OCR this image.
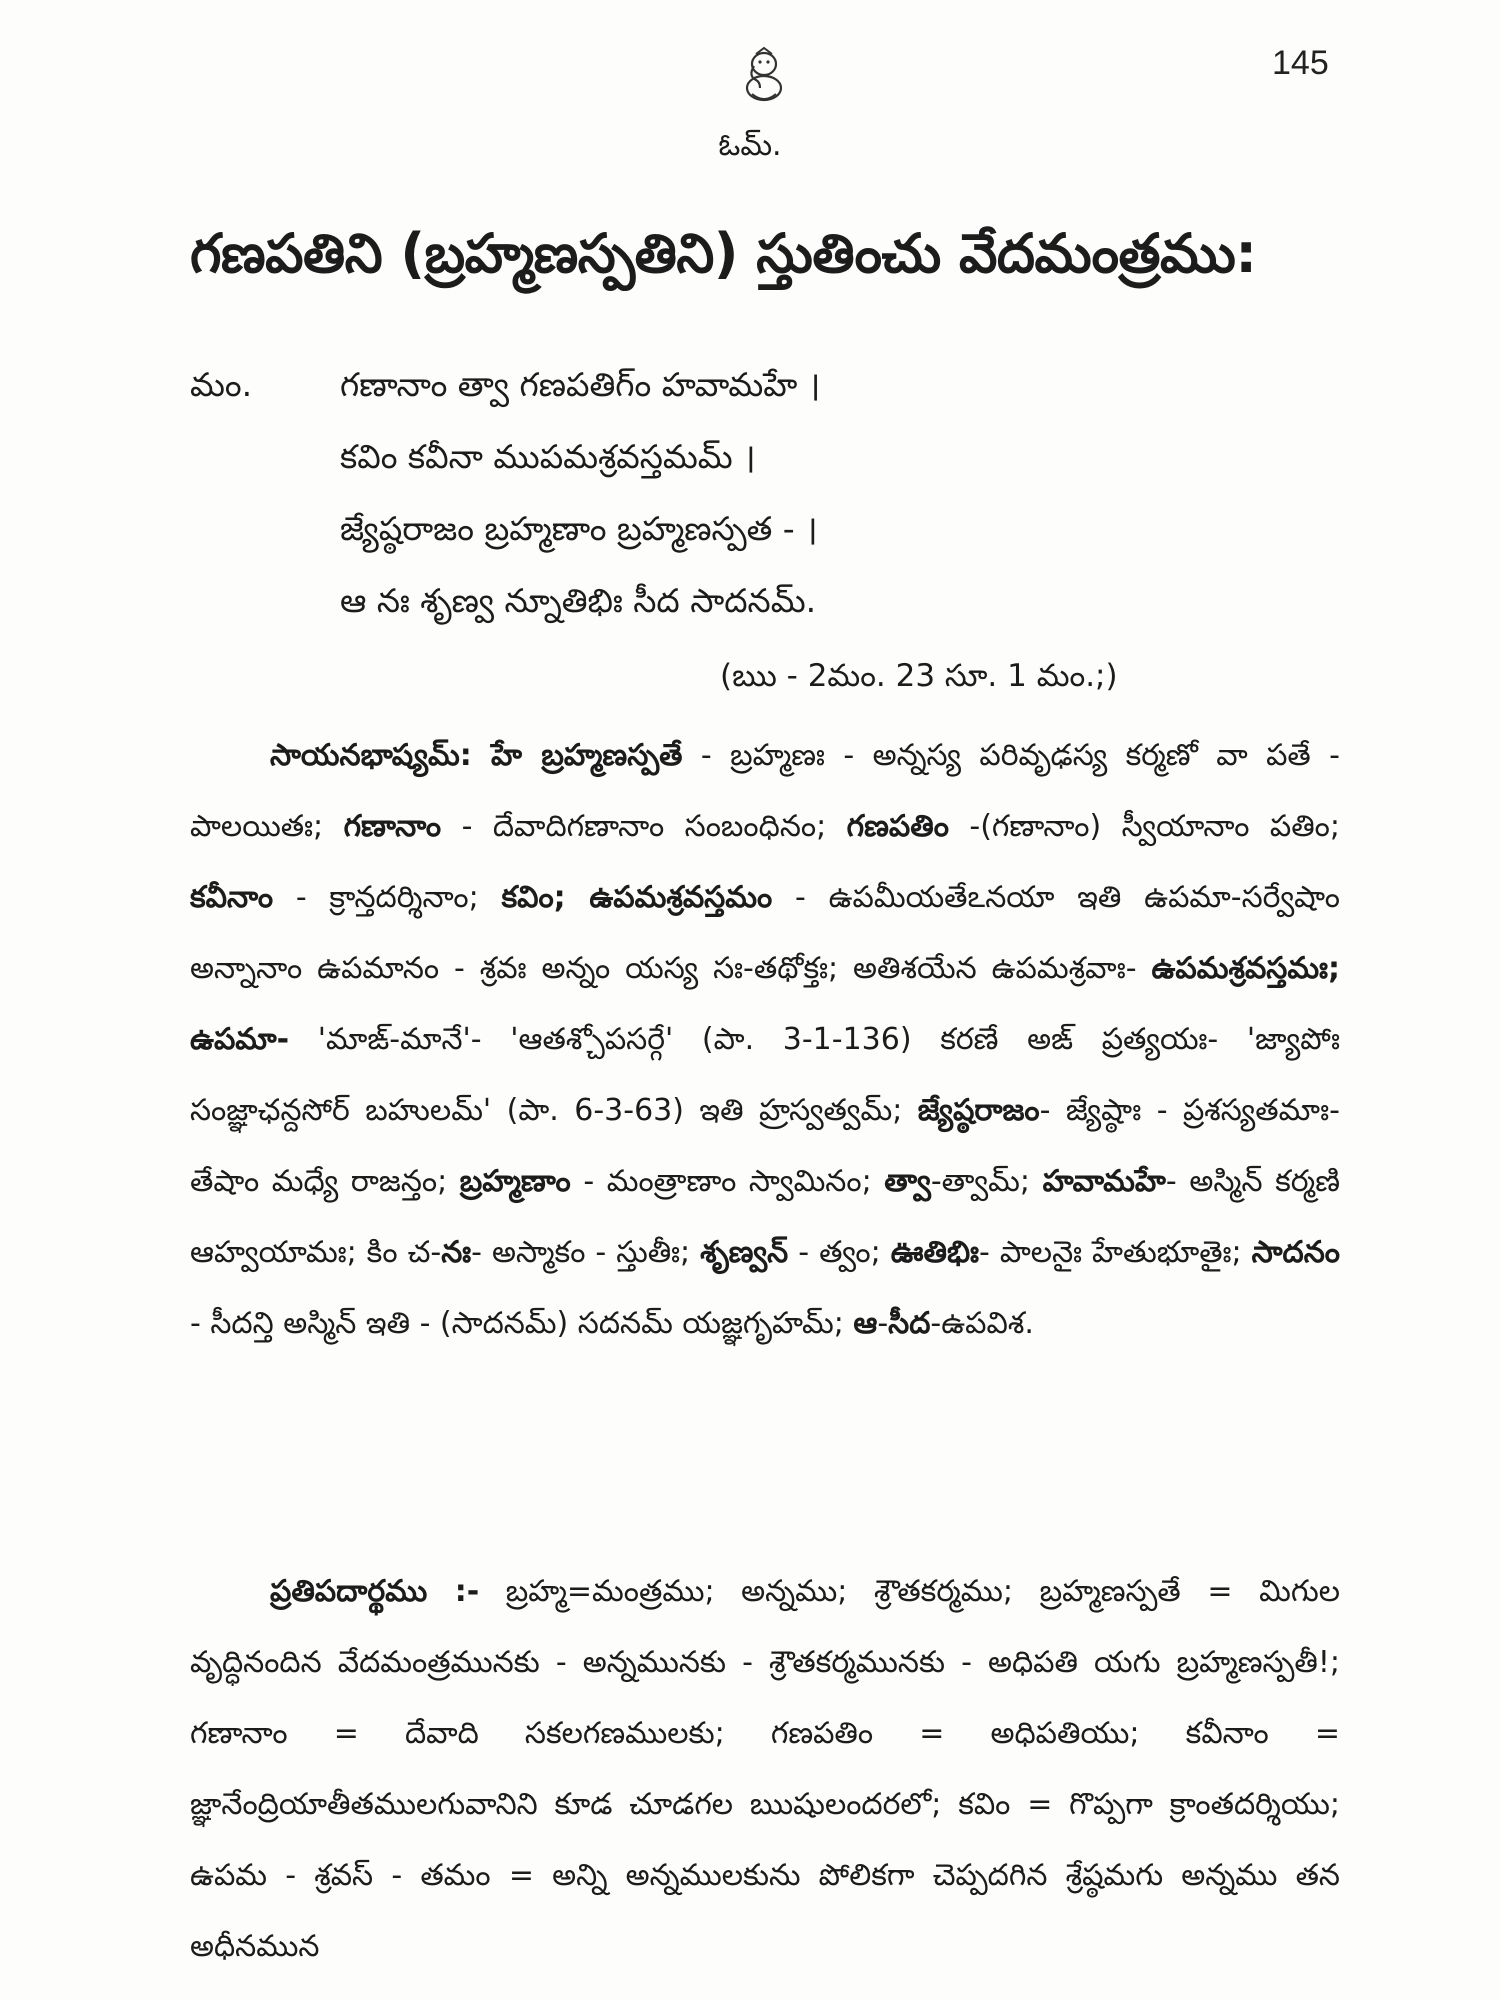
145
ఓమ్.
గణపతిని (బ్రహ్మణస్పతిని) స్తుతించు వేదమంత్రము:
మం.	గణానాం త్వా గణపతిగ్ం హవామహే ।
కవిం కవీనా ముపమశ్రవస్తమమ్ ।
జ్యేష్ఠరాజం బ్రహ్మణాం బ్రహ్మణస్పత - ।
ఆ నః శృణ్వ న్నూతిభిః సీద సాదనమ్.
(ఋ - 2మం. 23 సూ. 1 మం.;)
సాయనభాష్యమ్: హే బ్రహ్మణస్పతే - బ్రహ్మణః - అన్నస్య పరివృఢస్య కర్మణో వా పతే - పాలయితః; గణానాం - దేవాదిగణానాం సంబంధినం; గణపతిం -(గణానాం) స్వీయానాం పతిం; కవీనాం - క్రాన్తదర్శినాం; కవిం; ఉపమశ్రవస్తమం - ఉపమీయతేఽనయా ఇతి ఉపమా-సర్వేషాం అన్నానాం ఉపమానం - శ్రవః అన్నం యస్య సః-తథోక్తః; అతిశయేన ఉపమశ్రవాః- ఉపమశ్రవస్తమః; ఉపమా- 'మాఙ్-మానే'- 'ఆతశ్చోపసర్గే' (పా. 3-1-136) కరణే అఙ్ ప్రత్యయః- 'జ్యాపోః సంజ్ఞాఛన్దసోర్ బహులమ్' (పా. 6-3-63) ఇతి హ్రస్వత్వమ్; జ్యేష్ఠరాజం- జ్యేష్ఠాః - ప్రశస్యతమాః- తేషాం మధ్యే రాజన్తం; బ్రహ్మణాం - మంత్రాణాం స్వామినం; త్వా-త్వామ్; హవామహే- అస్మిన్ కర్మణి ఆహ్వయామః; కిం చ-నః- అస్మాకం - స్తుతీః; శృణ్వన్ - త్వం; ఊతిభిః- పాలనైః హేతుభూతైః; సాదనం - సీదన్తి అస్మిన్ ఇతి - (సాదనమ్) సదనమ్ యజ్ఞగృహమ్; ఆ-సీద-ఉపవిశ.
ప్రతిపదార్థము :- బ్రహ్మ=మంత్రము; అన్నము; శ్రౌతకర్మము; బ్రహ్మణస్పతే = మిగుల వృద్ధినందిన వేదమంత్రమునకు - అన్నమునకు - శ్రౌతకర్మమునకు - అధిపతి యగు బ్రహ్మణస్పతీ!; గణానాం = దేవాది సకలగణములకు; గణపతిం = అధిపతియు; కవీనాం = జ్ఞానేంద్రియాతీతములగువానిని కూడ చూడగల ఋషులందరలో; కవిం = గొప్పగా క్రాంతదర్శియు; ఉపమ - శ్రవస్ - తమం = అన్ని అన్నములకును పోలికగా చెప్పదగిన శ్రేష్ఠమగు అన్నము తన అధీనమున
